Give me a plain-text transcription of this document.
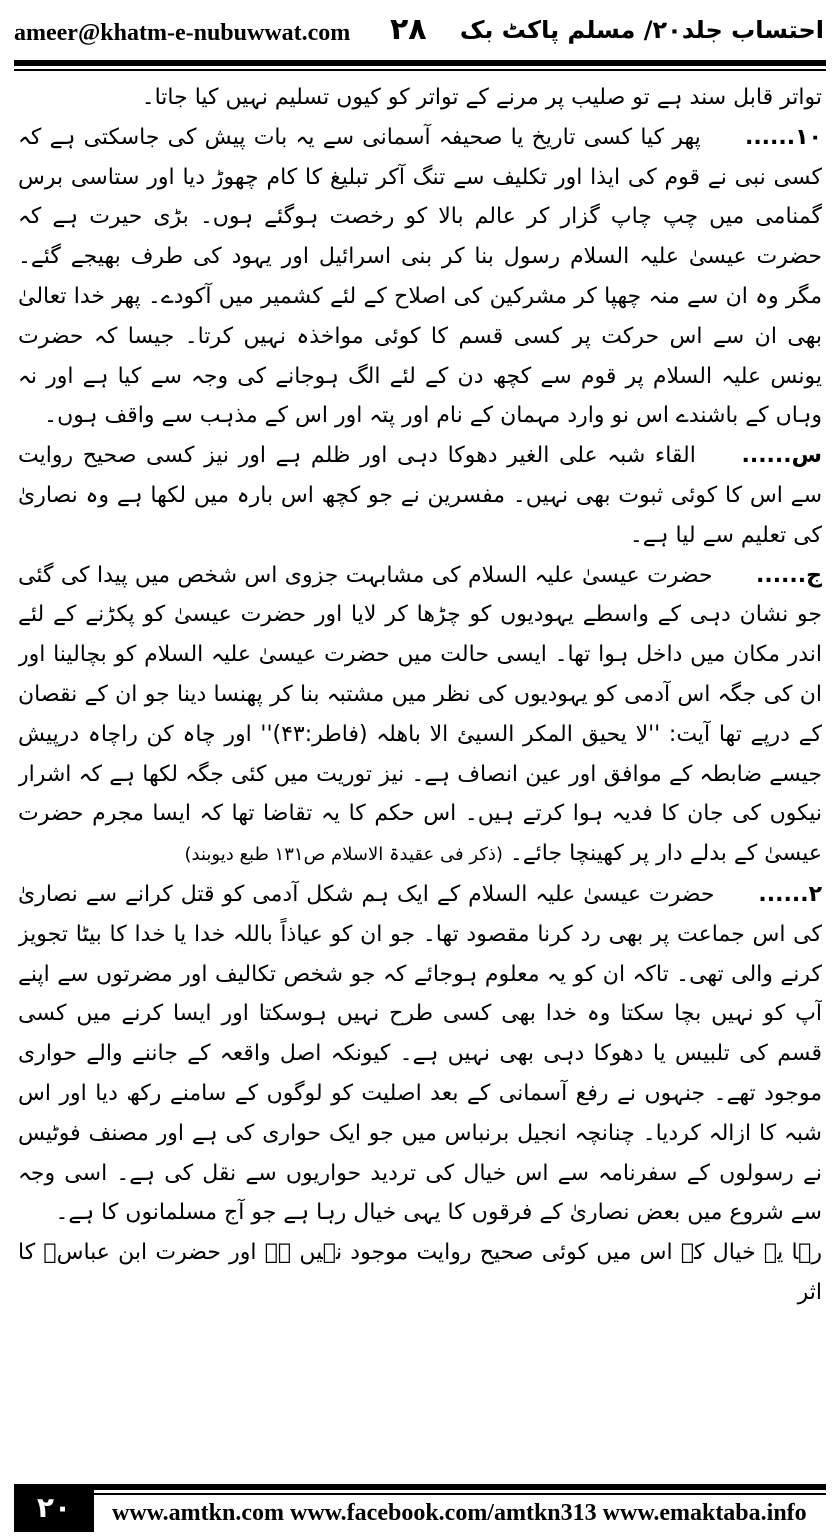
ameer@khatm-e-nubuwwat.com ۲۸ احتساب جلد۲۰/ مسلم پاکٹ بک

تواتر قابل سند ہے تو صلیب پر مرنے کے تواتر کو کیوں تسلیم نہیں کیا جاتا۔

۱۰...... پھر کیا کسی تاریخ یا صحیفہ آسمانی سے یہ بات پیش کی جاسکتی ہے کہ کسی نبی نے قوم کی ایذا اور تکلیف سے تنگ آکر تبلیغ کا کام چھوڑ دیا اور ستاسی برس گمنامی میں چپ چاپ گزار کر عالم بالا کو رخصت ہوگئے ہوں۔ بڑی حیرت ہے کہ حضرت عیسیٰ علیہ السلام رسول بنا کر بنی اسرائیل اور یہود کی طرف بھیجے گئے۔ مگر وہ ان سے منہ چھپا کر مشرکین کی اصلاح کے لئے کشمیر میں آکودے۔ پھر خدا تعالیٰ بھی ان سے اس حرکت پر کسی قسم کا کوئی مواخذہ نہیں کرتا۔ جیسا کہ حضرت یونس علیہ السلام پر قوم سے کچھ دن کے لئے الگ ہوجانے کی وجہ سے کیا ہے اور نہ وہاں کے باشندے اس نو وارد مہمان کے نام اور پتہ اور اس کے مذہب سے واقف ہوں۔

س...... القاء شبہ علی الغیر دھوکا دہی اور ظلم ہے اور نیز کسی صحیح روایت سے اس کا کوئی ثبوت بھی نہیں۔ مفسرین نے جو کچھ اس بارہ میں لکھا ہے وہ نصاریٰ کی تعلیم سے لیا ہے۔

ج...... حضرت عیسیٰ علیہ السلام کی مشابہت جزوی اس شخص میں پیدا کی گئی جو نشان دہی کے واسطے یہودیوں کو چڑھا کر لایا اور حضرت عیسیٰ کو پکڑنے کے لئے اندر مکان میں داخل ہوا تھا۔ ایسی حالت میں حضرت عیسیٰ علیہ السلام کو بچالینا اور ان کی جگہ اس آدمی کو یہودیوں کی نظر میں مشتبہ بنا کر پھنسا دینا جو ان کے نقصان کے درپے تھا آیت: ''لا یحیق المکر السیئ الا باھلہ (فاطر:۴۳)'' اور چاہ کن راچاہ درپیش جیسے ضابطہ کے موافق اور عین انصاف ہے۔ نیز توریت میں کئی جگہ لکھا ہے کہ اشرار نیکوں کی جان کا فدیہ ہوا کرتے ہیں۔ اس حکم کا یہ تقاضا تھا کہ ایسا مجرم حضرت عیسیٰ کے بدلے دار پر کھینچا جائے۔ (ذکر فی عقیدۃ الاسلام ص۱۳۱ طبع دیوبند)

۲...... حضرت عیسیٰ علیہ السلام کے ایک ہم شکل آدمی کو قتل کرانے سے نصاریٰ کی اس جماعت پر بھی رد کرنا مقصود تھا۔ جو ان کو عیاذاً باللہ خدا یا خدا کا بیٹا تجویز کرنے والی تھی۔ تاکہ ان کو یہ معلوم ہوجائے کہ جو شخص تکالیف اور مضرتوں سے اپنے آپ کو نہیں بچا سکتا وہ خدا بھی کسی طرح نہیں ہوسکتا اور ایسا کرنے میں کسی قسم کی تلبیس یا دھوکا دہی بھی نہیں ہے۔ کیونکہ اصل واقعہ کے جاننے والے حواری موجود تھے۔ جنہوں نے رفع آسمانی کے بعد اصلیت کو لوگوں کے سامنے رکھ دیا اور اس شبہ کا ازالہ کردیا۔ چنانچہ انجیل برنباس میں جو ایک حواری کی ہے اور مصنف فوٹیس نے رسولوں کے سفرنامہ سے اس خیال کی تردید حواریوں سے نقل کی ہے۔ اسی وجہ سے شروع میں بعض نصاریٰ کے فرقوں کا یہی خیال رہا ہے جو آج مسلمانوں کا ہے۔

رہا یہ خیال کہ اس میں کوئی صحیح روایت موجود نہیں ہے اور حضرت ابن عباسؓ کا اثر

۲۰	www.amtkn.com www.facebook.com/amtkn313 www.emaktaba.info
